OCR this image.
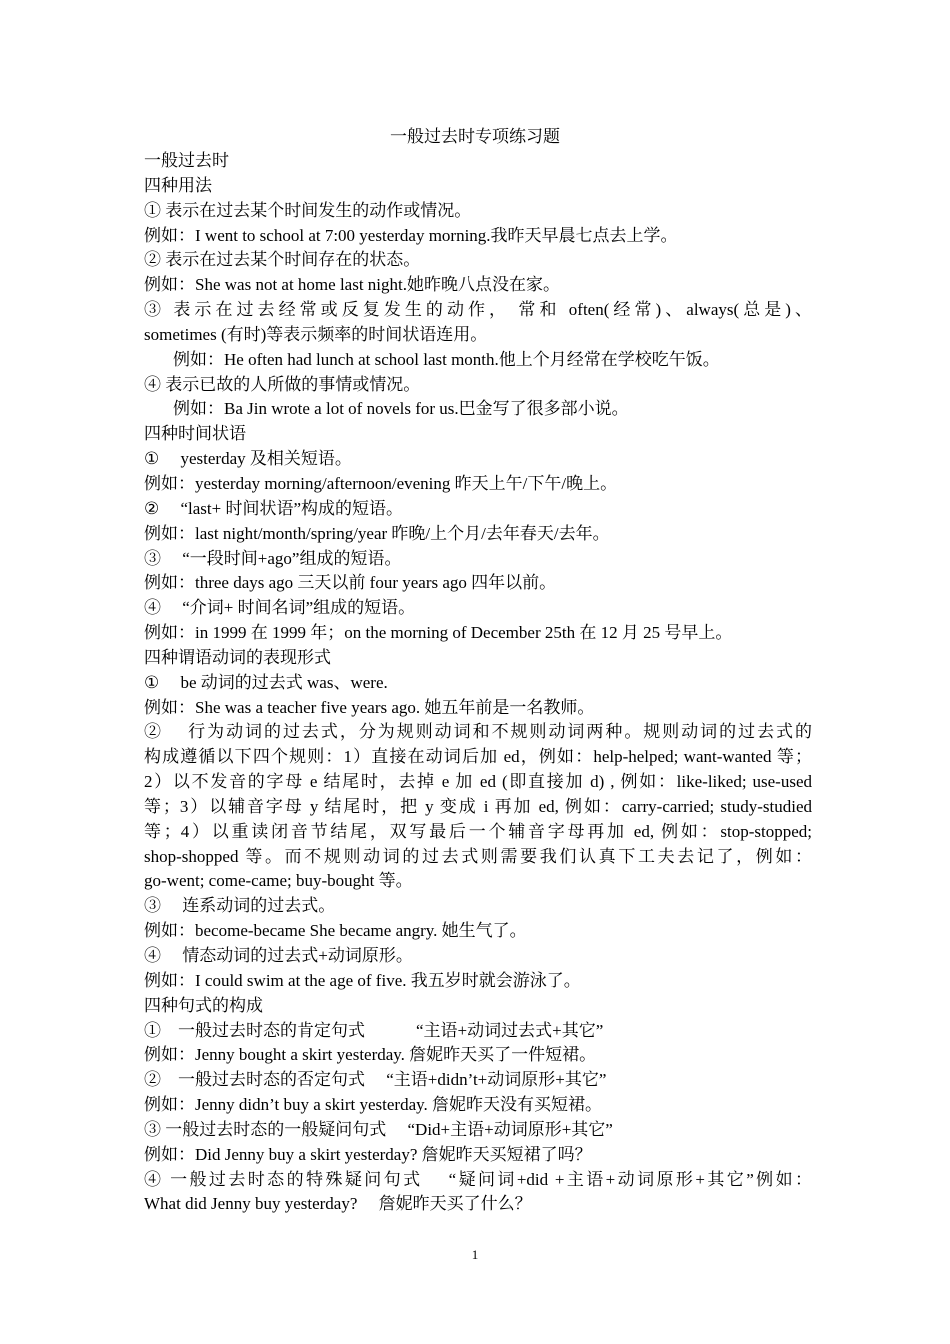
一般过去时专项练习题
一般过去时
四种用法
① 表示在过去某个时间发生的动作或情况。
例如：I went to school at 7:00 yesterday morning.我昨天早晨七点去上学。
② 表示在过去某个时间存在的状态。
例如：She was not at home last night.她昨晚八点没在家。
③ 表示在过去经常或反复发生的动作， 常和 often(经常)、always(总是)、
sometimes (有时)等表示频率的时间状语连用。
例如：He often had lunch at school last month.他上个月经常在学校吃午饭。
④ 表示已故的人所做的事情或情况。
例如：Ba Jin wrote a lot of novels for us.巴金写了很多部小说。
四种时间状语
①　 yesterday 及相关短语。
例如：yesterday morning/afternoon/evening 昨天上午/下午/晚上。
②　 “last+ 时间状语”构成的短语。
例如：last night/month/spring/year 昨晚/上个月/去年春天/去年。
③　 “一段时间+ago”组成的短语。
例如：three days ago 三天以前 four years ago 四年以前。
④　 “介词+ 时间名词”组成的短语。
例如：in 1999 在 1999 年；on the morning of December 25th 在 12 月 25 号早上。
四种谓语动词的表现形式
①　 be 动词的过去式 was、were.
例如：She was a teacher five years ago. 她五年前是一名教师。
②　 行为动词的过去式，分为规则动词和不规则动词两种。规则动词的过去式的
构成遵循以下四个规则：1）直接在动词后加 ed，例如：help-helped; want-wanted 等；
2）以不发音的字母 e 结尾时，去掉 e 加 ed (即直接加 d) , 例如：like-liked; use-used
等；3）以辅音字母 y 结尾时，把 y 变成 i 再加 ed, 例如：carry-carried; study-studied
等；4）以重读闭音节结尾，双写最后一个辅音字母再加 ed, 例如：stop-stopped;
shop-shopped 等。而不规则动词的过去式则需要我们认真下工夫去记了，例如：
go-went; come-came; buy-bought 等。
③　 连系动词的过去式。
例如：become-became She became angry. 她生气了。
④　 情态动词的过去式+动词原形。
例如：I could swim at the age of five. 我五岁时就会游泳了。
四种句式的构成
①　一般过去时态的肯定句式　　　“主语+动词过去式+其它”
例如：Jenny bought a skirt yesterday. 詹妮昨天买了一件短裙。
②　一般过去时态的否定句式　 “主语+didn’t+动词原形+其它”
例如：Jenny didn’t buy a skirt yesterday. 詹妮昨天没有买短裙。
③ 一般过去时态的一般疑问句式　 “Did+主语+动词原形+其它”
例如：Did Jenny buy a skirt yesterday? 詹妮昨天买短裙了吗？
④ 一般过去时态的特殊疑问句式　 “疑问词+did +主语+动词原形+其它”例如：
What did Jenny buy yesterday?　 詹妮昨天买了什么？
1
